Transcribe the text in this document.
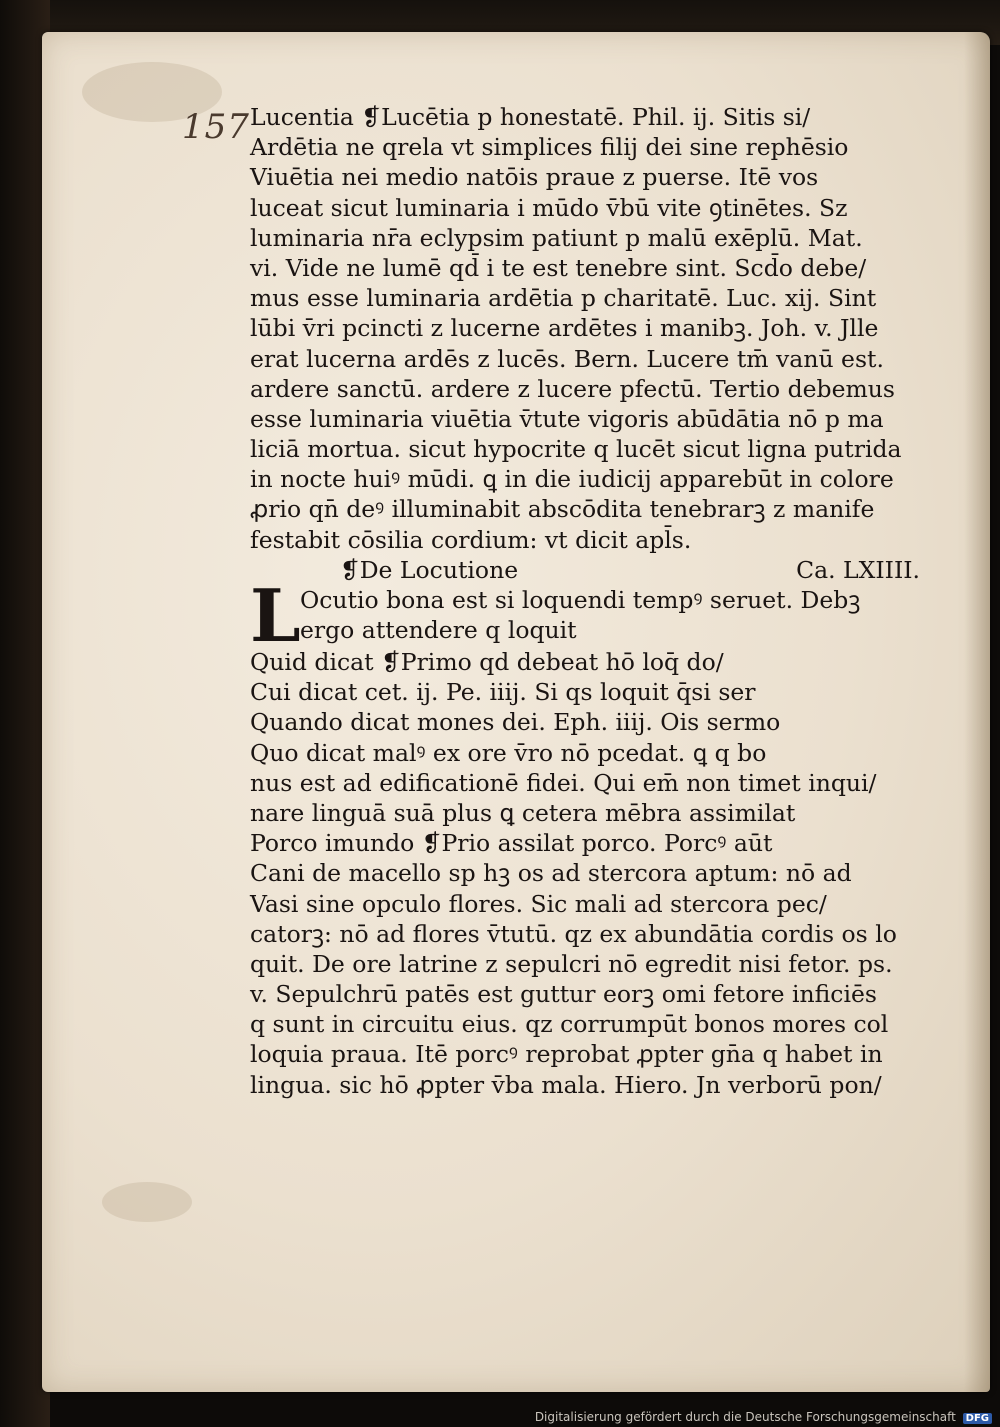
157 Lucentia ❡Lucētia p honestatē. Phil. ij. Sitis si/
Ardētia ne qrela vt simplices filij dei sine rephēsio
Viuētia nei medio natōis praue z puerse. Itē vos
luceat sicut luminaria i mūdo v̄bū vite ꝯtinētes. Sz
luminaria nr̄a eclypsim patiunt p malū exēplū. Mat.
vi. Vide ne lumē qd̄ i te est tenebre sint. Scd̄o debe/
mus esse luminaria ardētia p charitatē. Luc. xij. Sint
lūbi v̄ri pcincti z lucerne ardētes i manibꝫ. Joh. v. Jlle
erat lucerna ardēs z lucēs. Bern. Lucere tm̄ vanū est.
ardere sanctū. ardere z lucere pfectū. Tertio debemus
esse luminaria viuētia v̄tute vigoris abūdātia nō p ma
liciā mortua. sicut hypocrite q lucēt sicut ligna putrida
in nocte huiꝰ mūdi. ꝗ in die iudicij apparebūt in colore
ꝓrio qn̄ deꝰ illuminabit abscōdita tenebrarꝫ z manife
festabit cōsilia cordium: vt dicit apl̄s.
❡De Locutione	Ca. LXIIII.
L Ocutio bona est si loquendi tempꝰ seruet. Debꝫ
ergo attendere q loquit
Quid dicat ❡Primo qd debeat hō loq̄ do/
Cui dicat cet. ij. Pe. iiij. Si qs loquit q̄si ser
Quando dicat mones dei. Eph. iiij. Ois sermo
Quo dicat malꝰ ex ore v̄ro nō pcedat. ꝗ q bo
nus est ad edificationē fidei. Qui em̄ non timet inqui/
nare linguā suā plus ꝗ cetera mēbra assimilat
Porco imundo ❡Prio assilat porco. Porcꝰ aūt
Cani de macello sp hꝫ os ad stercora aptum: nō ad
Vasi sine opculo flores. Sic mali ad stercora pec/
catorꝫ: nō ad flores v̄tutū. qz ex abundātia cordis os lo
quit. De ore latrine z sepulcri nō egredit nisi fetor. ps.
v. Sepulchrū patēs est guttur eorꝫ omi fetore inficiēs
q sunt in circuitu eius. qz corrumpūt bonos mores col
loquia praua. Itē porcꝰ reprobat ꝓpter gn̄a q habet in
lingua. sic hō ꝓpter v̄ba mala. Hiero. Jn verborū pon/
Digitalisierung gefördert durch die Deutsche Forschungsgemeinschaft DFG
